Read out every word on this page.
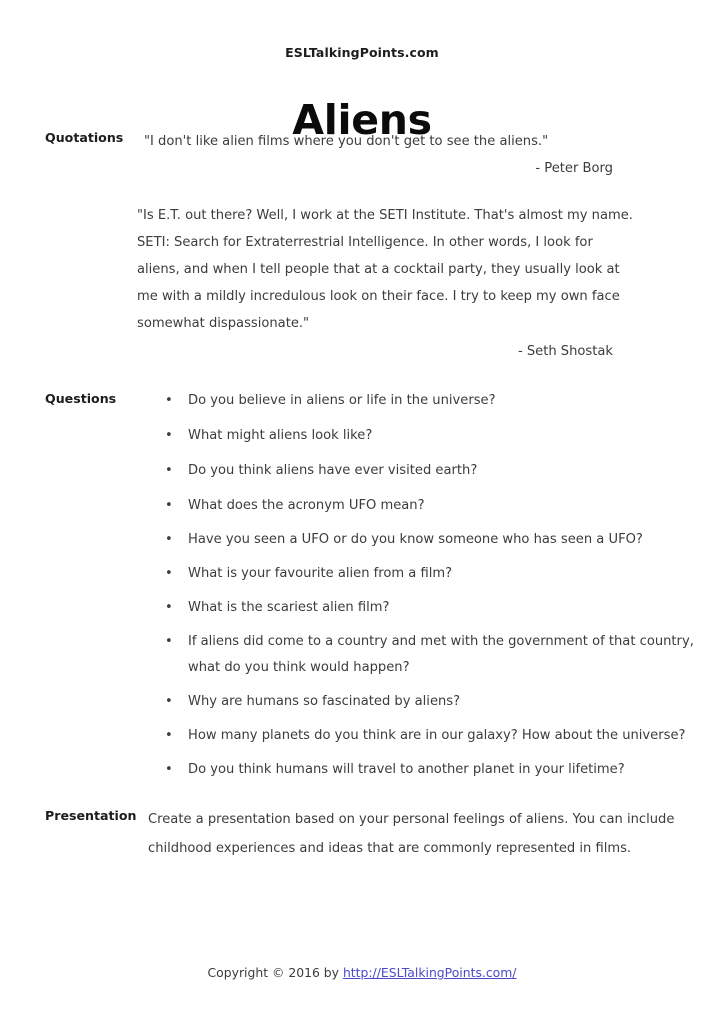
ESLTalkingPoints.com
Aliens
Quotations "I don't like alien films where you don't get to see the aliens."
- Peter Borg
"Is E.T. out there? Well, I work at the SETI Institute. That's almost my name.
SETI: Search for Extraterrestrial Intelligence. In other words, I look for
aliens, and when I tell people that at a cocktail party, they usually look at
me with a mildly incredulous look on their face. I try to keep my own face
somewhat dispassionate."
- Seth Shostak
Questions	• Do you believe in aliens or life in the universe?
• What might aliens look like?
• Do you think aliens have ever visited earth?
• What does the acronym UFO mean?
• Have you seen a UFO or do you know someone who has seen a UFO?
• What is your favourite alien from a film?
• What is the scariest alien film?
• If aliens did come to a country and met with the government of that country,
what do you think would happen?
• Why are humans so fascinated by aliens?
• How many planets do you think are in our galaxy? How about the universe?
• Do you think humans will travel to another planet in your lifetime?
Presentation Create a presentation based on your personal feelings of aliens. You can include
childhood experiences and ideas that are commonly represented in films.
Copyright © 2016 by http://ESLTalkingPoints.com/
